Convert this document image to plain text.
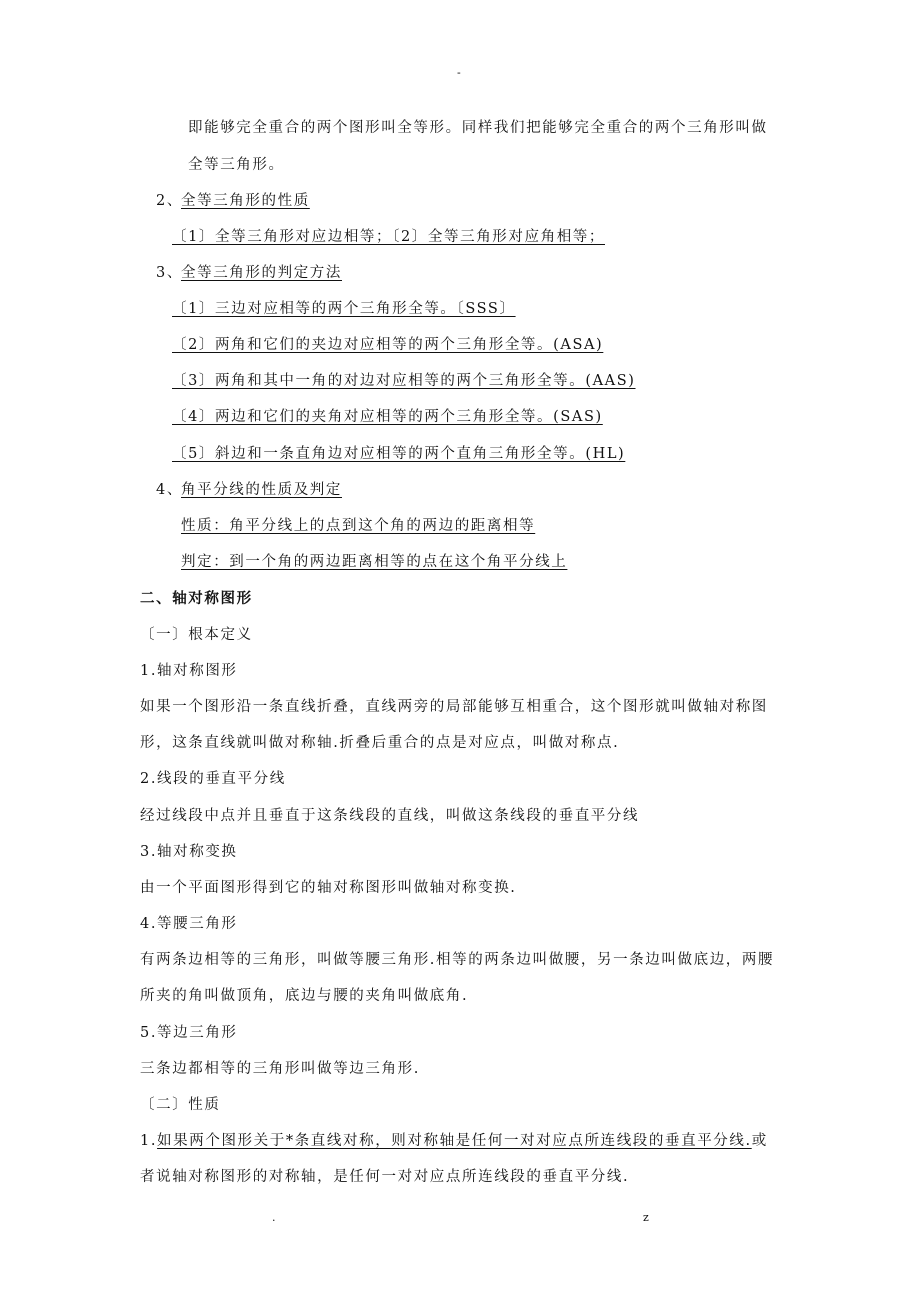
-
即能够完全重合的两个图形叫全等形。同样我们把能够完全重合的两个三角形叫做
全等三角形。
2、
全等三角形的性质
〔1〕全等三角形对应边相等；〔2〕全等三角形对应角相等；
3、
全等三角形的判定方法
〔1〕三边对应相等的两个三角形全等。〔SSS〕
〔2〕两角和它们的夹边对应相等的两个三角形全等。(ASA)
〔3〕两角和其中一角的对边对应相等的两个三角形全等。(AAS)
〔4〕两边和它们的夹角对应相等的两个三角形全等。(SAS)
〔5〕斜边和一条直角边对应相等的两个直角三角形全等。(HL)
4、
角平分线的性质及判定
性质：角平分线上的点到这个角的两边的距离相等
判定：到一个角的两边距离相等的点在这个角平分线上
二、轴对称图形
〔一〕根本定义
1.轴对称图形
如果一个图形沿一条直线折叠，直线两旁的局部能够互相重合，这个图形就叫做轴对称图
形，这条直线就叫做对称轴.折叠后重合的点是对应点，叫做对称点.
2.线段的垂直平分线
经过线段中点并且垂直于这条线段的直线，叫做这条线段的垂直平分线
3.轴对称变换
由一个平面图形得到它的轴对称图形叫做轴对称变换.
4.等腰三角形
有两条边相等的三角形，叫做等腰三角形.相等的两条边叫做腰，另一条边叫做底边，两腰
所夹的角叫做顶角，底边与腰的夹角叫做底角.
5.等边三角形
三条边都相等的三角形叫做等边三角形.
〔二〕性质
1.如果两个图形关于*条直线对称，则对称轴是任何一对对应点所连线段的垂直平分线.或
者说轴对称图形的对称轴，是任何一对对应点所连线段的垂直平分线.
.	z
